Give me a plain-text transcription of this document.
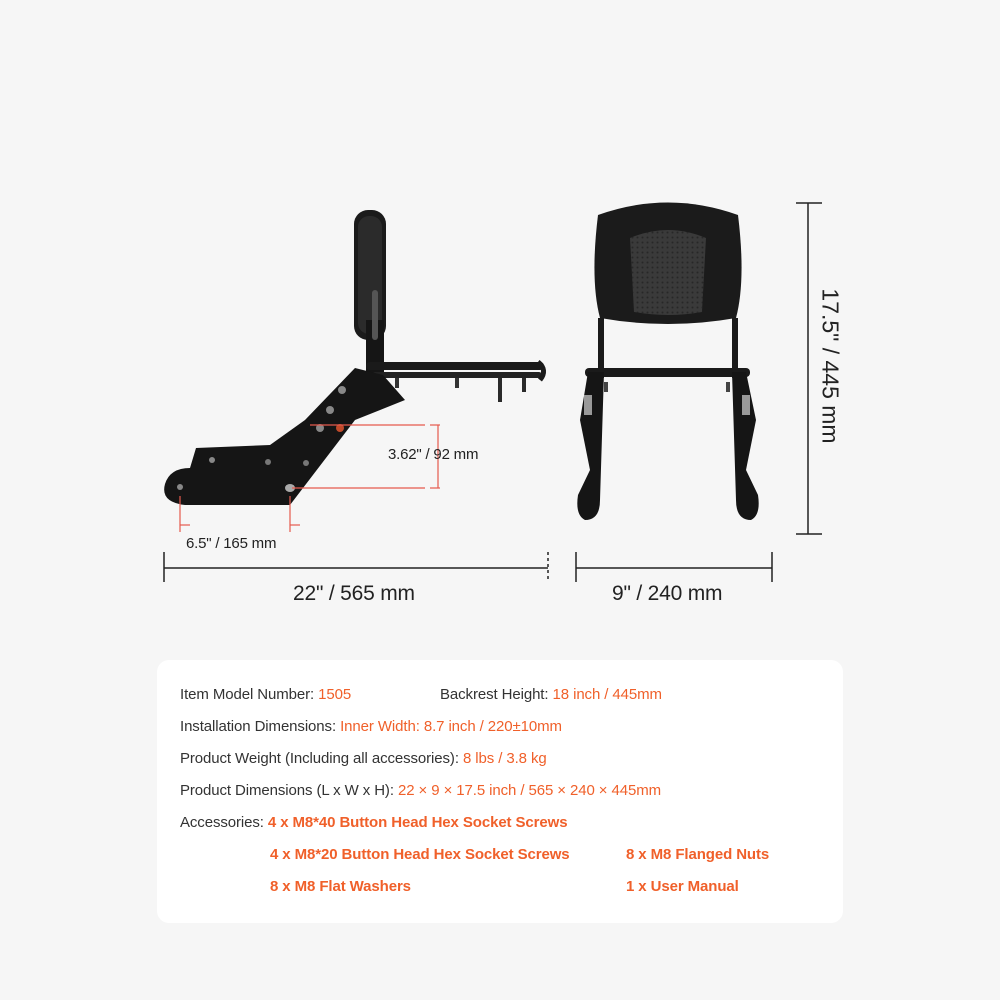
3.62" / 92 mm
6.5" / 165 mm
22" / 565 mm	9" / 240 mm
17.5" / 445 mm
Item Model Number: 1505	Backrest Height: 18 inch / 445mm
Installation Dimensions: Inner Width: 8.7 inch / 220±10mm
Product Weight (Including all accessories): 8 lbs / 3.8 kg
Product Dimensions (L x W x H): 22 × 9 × 17.5 inch / 565 × 240 × 445mm
Accessories: 4 x M8*40 Button Head Hex Socket Screws
4 x M8*20 Button Head Hex Socket Screws	8 x M8 Flanged Nuts
8 x M8 Flat Washers	1 x User Manual
